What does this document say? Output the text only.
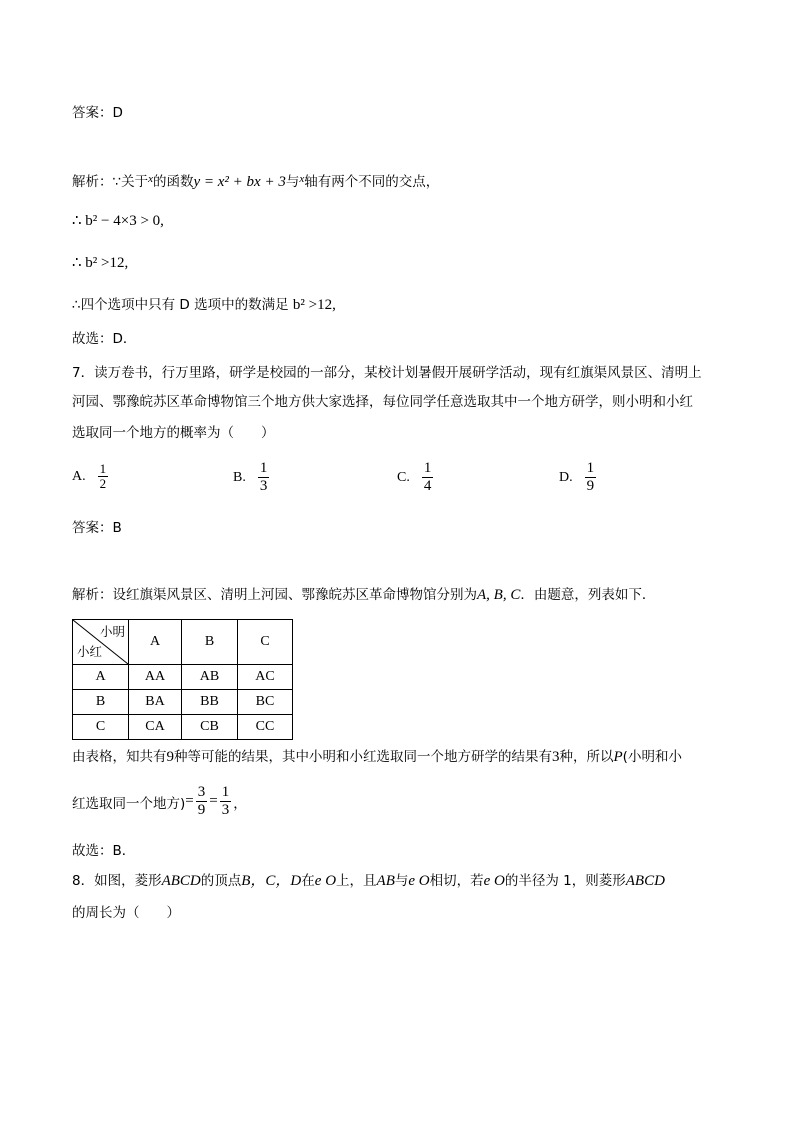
答案：D
解析：∵关于$^x$的函数y = x² + bx + 3与$^x$轴有两个不同的交点，
∴ b² − 4×3 > 0,
∴ b² >12,
∴四个选项中只有 D 选项中的数满足 b² >12,
故选：D．
7．读万卷书，行万里路，研学是校园的一部分，某校计划暑假开展研学活动，现有红旗渠风景区、清明上
河园、鄂豫皖苏区革命博物馆三个地方供大家选择，每位同学任意选取其中一个地方研学，则小明和小红
选取同一个地方的概率为（　　）
A. $\frac{1}{2}$	B. $\frac{1}{3}$	C. $\frac{1}{4}$	D. $\frac{1}{9}$
答案：B
解析：设红旗渠风景区、清明上河园、鄂豫皖苏区革命博物馆分别为A, B, C．由题意，列表如下．
小明
小红	A	B	C
A	AA	AB	AC
B	BA	BB	BC
C	CA	CB	CC
由表格，知共有9种等可能的结果，其中小明和小红选取同一个地方研学的结果有3种，所以P(小明和小
红选取同一个地方) = $\frac{3}{9} = \frac{1}{3}$ ，
故选：B．
8．如图，菱形ABCD的顶点B，C，D在e O上，且AB与e O相切，若e O的半径为 1，则菱形ABCD
的周长为（　　）
